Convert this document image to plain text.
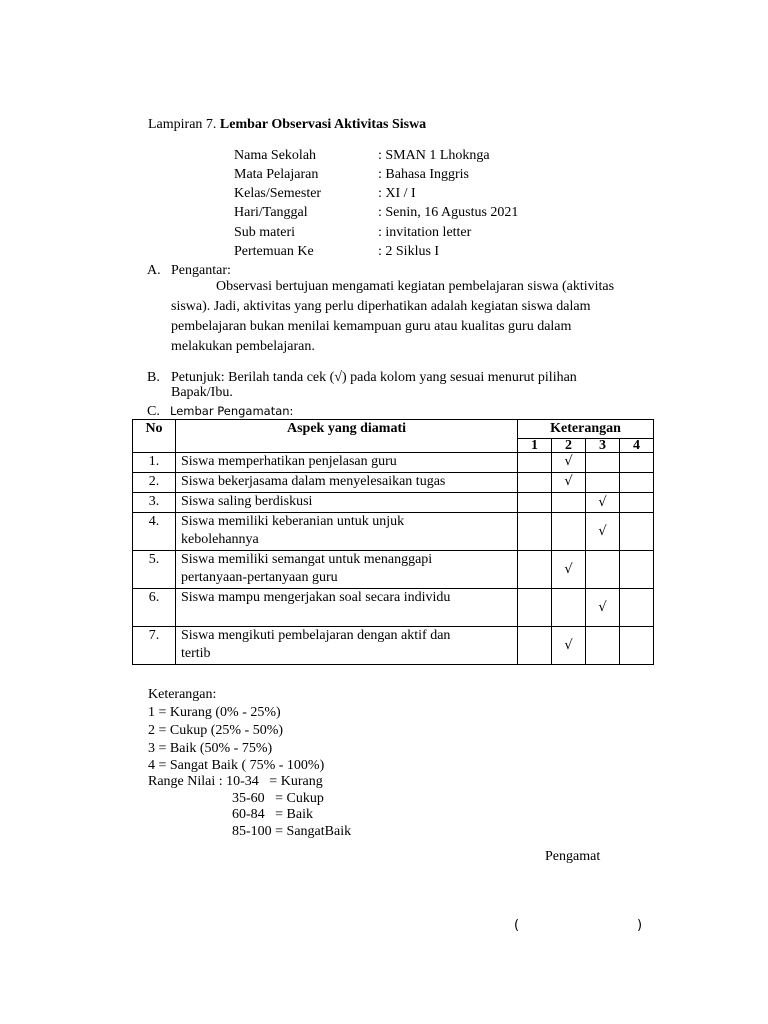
Lampiran 7. Lembar Observasi Aktivitas Siswa
Nama Sekolah	: SMAN 1 Lhoknga
Mata Pelajaran	: Bahasa Inggris
Kelas/Semester	: XI / I
Hari/Tanggal	: Senin, 16 Agustus 2021
Sub materi	: invitation letter
Pertemuan Ke	: 2 Siklus I
A. Pengantar:
Observasi bertujuan mengamati kegiatan pembelajaran siswa (aktivitas
siswa). Jadi, aktivitas yang perlu diperhatikan adalah kegiatan siswa dalam
pembelajaran bukan menilai kemampuan guru atau kualitas guru dalam
melakukan pembelajaran.
B. Petunjuk: Berilah tanda cek (√) pada kolom yang sesuai menurut pilihan
Bapak/Ibu.
C. Lembar Pengamatan:
No	Aspek yang diamati	Keterangan			
		1	2	3	4
1.	Siswa memperhatikan penjelasan guru		√		
2.	Siswa bekerjasama dalam menyelesaikan tugas		√		
3.	Siswa saling berdiskusi			√	
4.	Siswa memiliki keberanian untuk unjuk
kebolehannya			√	
5.	Siswa memiliki semangat untuk menanggapi
pertanyaan-pertanyaan guru		√		
6.	Siswa mampu mengerjakan soal secara individu			√	
7.	Siswa mengikuti pembelajaran dengan aktif dan
tertib		√		
Keterangan:
1 = Kurang (0% - 25%)
2 = Cukup (25% - 50%)
3 = Baik (50% - 75%)
4 = Sangat Baik ( 75% - 100%)
Range Nilai : 10-34   = Kurang
35-60   = Cukup
60-84   = Baik
85-100 = SangatBaik
Pengamat
(	)
